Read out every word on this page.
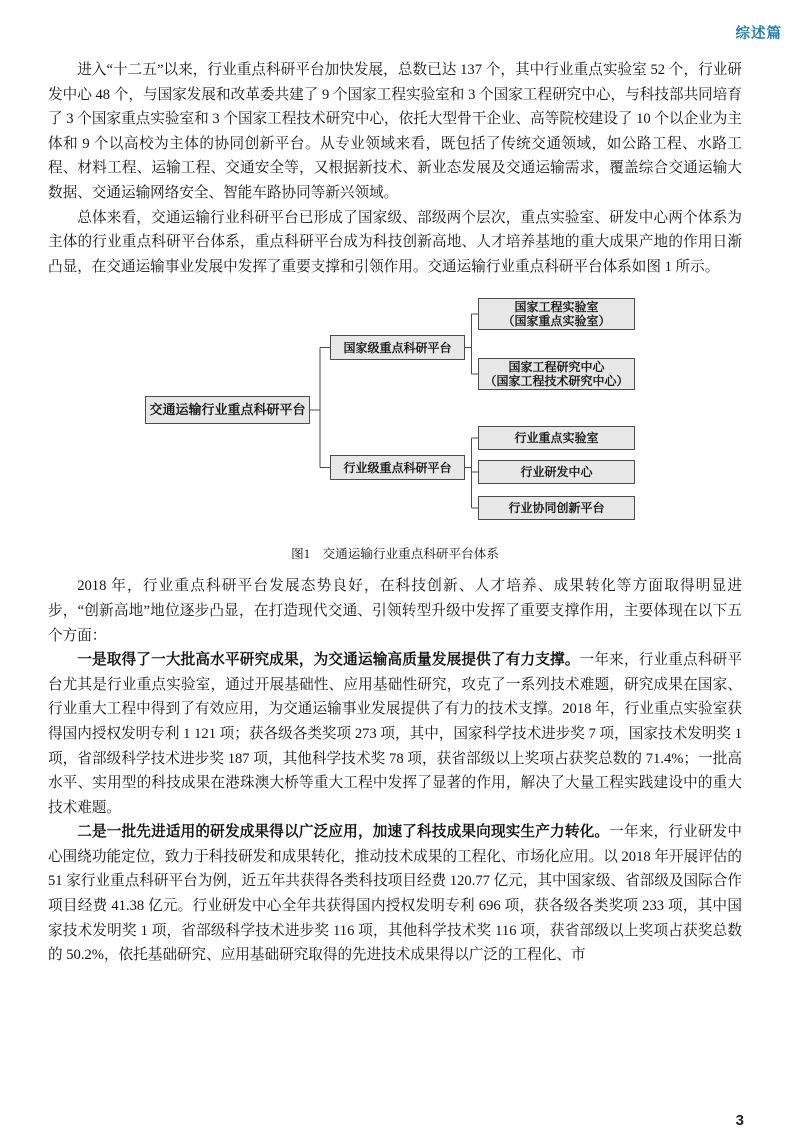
综述篇

进入“十二五”以来，行业重点科研平台加快发展，总数已达 137 个，其中行业重点实验室 52 个，行业研发中心 48 个，与国家发展和改革委共建了 9 个国家工程实验室和 3 个国家工程研究中心，与科技部共同培育了 3 个国家重点实验室和 3 个国家工程技术研究中心，依托大型骨干企业、高等院校建设了 10 个以企业为主体和 9 个以高校为主体的协同创新平台。从专业领域来看，既包括了传统交通领域，如公路工程、水路工程、材料工程、运输工程、交通安全等，又根据新技术、新业态发展及交通运输需求，覆盖综合交通运输大数据、交通运输网络安全、智能车路协同等新兴领域。

总体来看，交通运输行业科研平台已形成了国家级、部级两个层次，重点实验室、研发中心两个体系为主体的行业重点科研平台体系，重点科研平台成为科技创新高地、人才培养基地的重大成果产地的作用日渐凸显，在交通运输事业发展中发挥了重要支撑和引领作用。交通运输行业重点科研平台体系如图 1 所示。

交通运输行业重点科研平台
国家级重点科研平台
行业级重点科研平台
国家工程实验室
（国家重点实验室）
国家工程研究中心
（国家工程技术研究中心）
行业重点实验室
行业研发中心
行业协同创新平台
图1　交通运输行业重点科研平台体系

2018 年，行业重点科研平台发展态势良好，在科技创新、人才培养、成果转化等方面取得明显进步，“创新高地”地位逐步凸显，在打造现代交通、引领转型升级中发挥了重要支撑作用，主要体现在以下五个方面：

一是取得了一大批高水平研究成果，为交通运输高质量发展提供了有力支撑。一年来，行业重点科研平台尤其是行业重点实验室，通过开展基础性、应用基础性研究，攻克了一系列技术难题，研究成果在国家、行业重大工程中得到了有效应用，为交通运输事业发展提供了有力的技术支撑。2018 年，行业重点实验室获得国内授权发明专利 1 121 项；获各级各类奖项 273 项，其中，国家科学技术进步奖 7 项，国家技术发明奖 1 项，省部级科学技术进步奖 187 项，其他科学技术奖 78 项，获省部级以上奖项占获奖总数的 71.4%；一批高水平、实用型的科技成果在港珠澳大桥等重大工程中发挥了显著的作用，解决了大量工程实践建设中的重大技术难题。

二是一批先进适用的研发成果得以广泛应用，加速了科技成果向现实生产力转化。一年来，行业研发中心围绕功能定位，致力于科技研发和成果转化，推动技术成果的工程化、市场化应用。以 2018 年开展评估的 51 家行业重点科研平台为例，近五年共获得各类科技项目经费 120.77 亿元，其中国家级、省部级及国际合作项目经费 41.38 亿元。行业研发中心全年共获得国内授权发明专利 696 项，获各级各类奖项 233 项，其中国家技术发明奖 1 项，省部级科学技术进步奖 116 项，其他科学技术奖 116 项，获省部级以上奖项占获奖总数的 50.2%，依托基础研究、应用基础研究取得的先进技术成果得以广泛的工程化、市

3
